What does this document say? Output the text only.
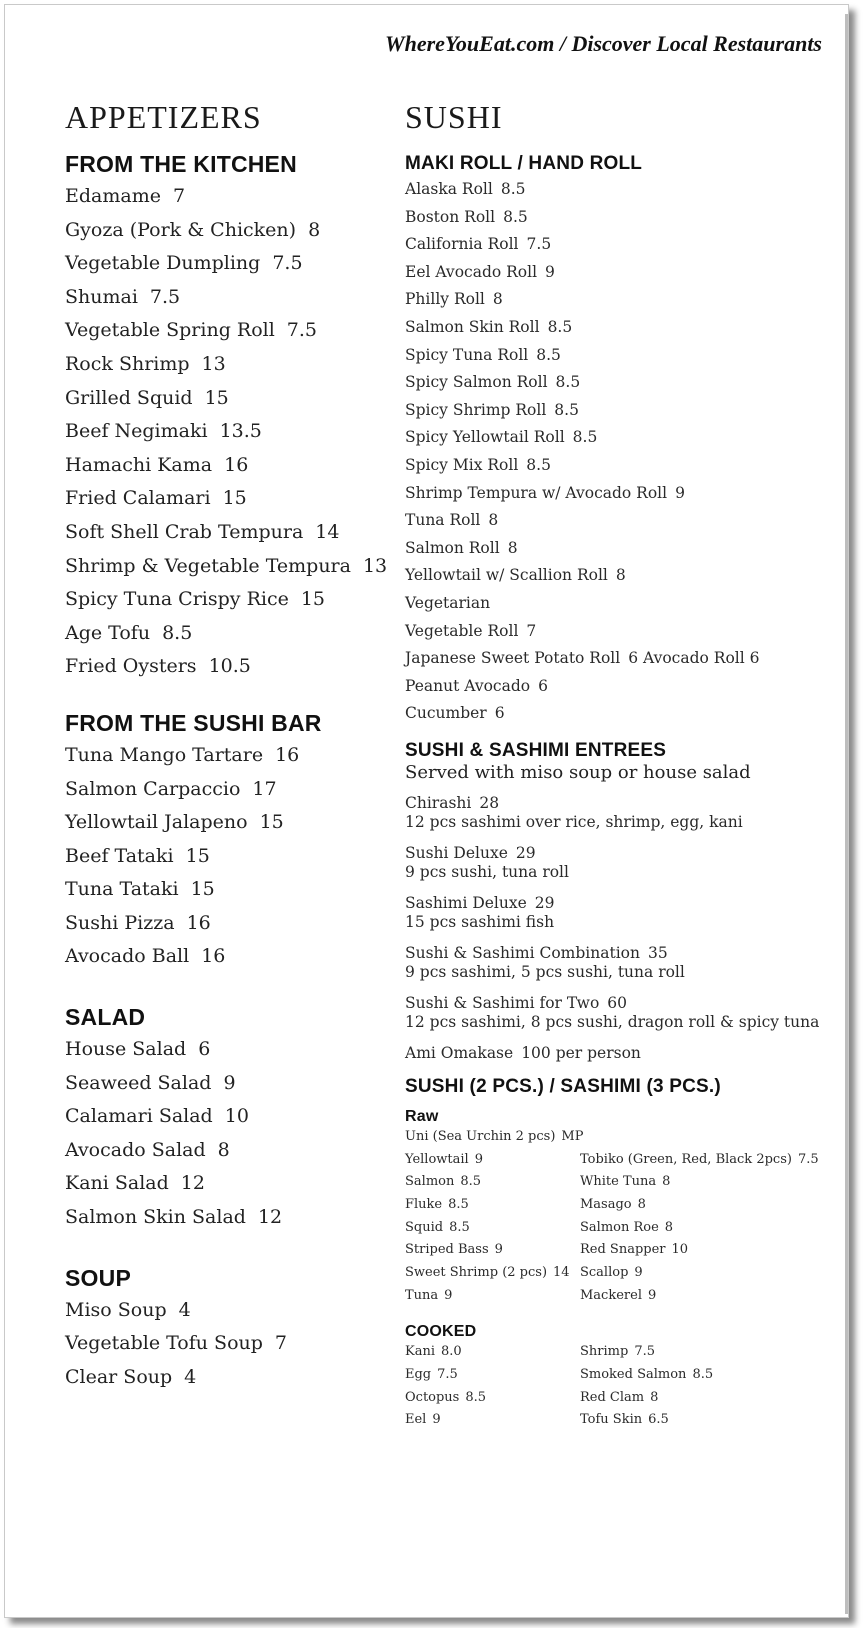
WhereYouEat.com / Discover Local Restaurants
APPETIZERS
FROM THE KITCHEN
Edamame 7
Gyoza (Pork & Chicken) 8
Vegetable Dumpling 7.5
Shumai 7.5
Vegetable Spring Roll 7.5
Rock Shrimp 13
Grilled Squid 15
Beef Negimaki 13.5
Hamachi Kama 16
Fried Calamari 15
Soft Shell Crab Tempura 14
Shrimp & Vegetable Tempura 13
Spicy Tuna Crispy Rice 15
Age Tofu 8.5
Fried Oysters 10.5
FROM THE SUSHI BAR
Tuna Mango Tartare 16
Salmon Carpaccio 17
Yellowtail Jalapeno 15
Beef Tataki 15
Tuna Tataki 15
Sushi Pizza 16
Avocado Ball 16
SALAD
House Salad 6
Seaweed Salad 9
Calamari Salad 10
Avocado Salad 8
Kani Salad 12
Salmon Skin Salad 12
SOUP
Miso Soup 4
Vegetable Tofu Soup 7
Clear Soup 4
SUSHI
MAKI ROLL / HAND ROLL
Alaska Roll 8.5
Boston Roll 8.5
California Roll 7.5
Eel Avocado Roll 9
Philly Roll 8
Salmon Skin Roll 8.5
Spicy Tuna Roll 8.5
Spicy Salmon Roll 8.5
Spicy Shrimp Roll 8.5
Spicy Yellowtail Roll 8.5
Spicy Mix Roll 8.5
Shrimp Tempura w/ Avocado Roll 9
Tuna Roll 8
Salmon Roll 8
Yellowtail w/ Scallion Roll 8
Vegetarian
Vegetable Roll 7
Japanese Sweet Potato Roll 6 Avocado Roll 6
Peanut Avocado 6
Cucumber 6
SUSHI & SASHIMI ENTREES

Served with miso soup or house salad

Chirashi 28
12 pcs sashimi over rice, shrimp, egg, kani
Sushi Deluxe 29
9 pcs sushi, tuna roll
Sashimi Deluxe 29
15 pcs sashimi fish
Sushi & Sashimi Combination 35
9 pcs sashimi, 5 pcs sushi, tuna roll
Sushi & Sashimi for Two 60
12 pcs sashimi, 8 pcs sushi, dragon roll & spicy tuna
Ami Omakase 100 per person
SUSHI (2 PCS.) / SASHIMI (3 PCS.)
Raw
Uni (Sea Urchin 2 pcs) MP
Yellowtail 9
Salmon 8.5
Fluke 8.5
Squid 8.5
Striped Bass 9
Sweet Shrimp (2 pcs) 14
Tuna 9
Tobiko (Green, Red, Black 2pcs) 7.5
White Tuna 8
Masago 8
Salmon Roe 8
Red Snapper 10
Scallop 9
Mackerel 9
COOKED
Kani 8.0
Egg 7.5
Octopus 8.5
Eel 9
Shrimp 7.5
Smoked Salmon 8.5
Red Clam 8
Tofu Skin 6.5
